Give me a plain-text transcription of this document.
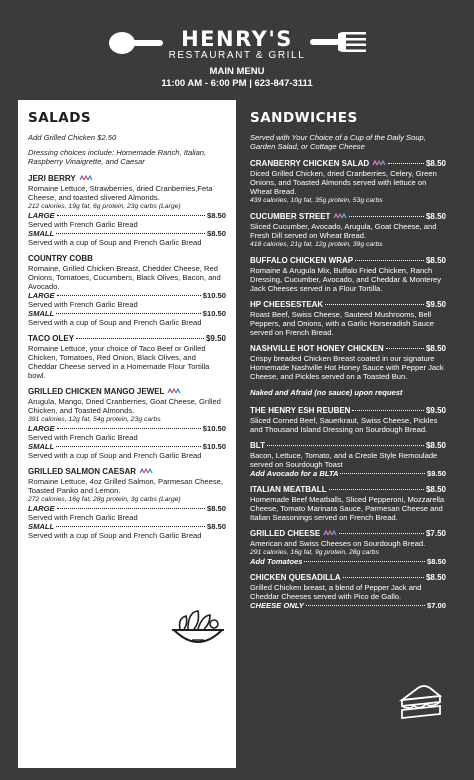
HENRY'S
RESTAURANT & GRILL
MAIN MENU
11:00 AM - 6:00 PM | 623-847-3111
SALADS

Add Grilled Chicken $2.50

Dressing choices include: Homemade Ranch, Italian, Raspberry Vinaigrette, and Caesar

JERI BERRY
Romaine Lettuce, Strawberries, dried Cranberries,Feta Cheese, and toasted slivered Almonds.
212 calories, 19g fat, 6g protein, 23g carbs (Large)
LARGE	$8.50
Served with French Garlic Bread
SMALL	$8.50
Served with a cup of Soup and French Garlic Bread
COUNTRY COBB
Romaine, Grilled Chicken Breast, Chedder Cheese, Red Onions, Tomatoes, Cucumbers, Black Olives, Bacon, and Avocado.
LARGE	$10.50
Served with French Garlic Bread
SMALL	$10.50
Served with a cup of Soup and French Garlic Bread
TACO OLEY	$9.50
Romaine Lettuce, your choice of Taco Beef or Grilled Chicken, Tomatoes, Red Onion, Black Olives, and Cheddar Cheese served in a Homemade Flour Tortilla bowl.
GRILLED CHICKEN MANGO JEWEL
Arugula, Mango, Dried Cranberries, Goat Cheese, Grilled Chicken, and Toasted Almonds.
391 calories, 12g fat, 54g protein, 23g carbs
LARGE	$10.50
Served with French Garlic Bread
SMALL	$10.50
Served with a cup of Soup and French Garlic Bread
GRILLED SALMON CAESAR
Romaine Lettuce, 4oz Grilled Salmon, Parmesan Cheese, Toasted Panko and Lemon.
272 calories, 16g fat, 28g protein, 3g carbs (Large)
LARGE	$8.50
Served with French Garlic Bread
SMALL	$8.50
Served with a cup of Soup and French Garlic Bread
SANDWICHES
Served with Your Choice of a Cup of the Daily Soup, Garden Salad, or Cottage Cheese
CRANBERRY CHICKEN SALAD	$8.50
Diced Grilled Chicken, dried Cranberries, Celery, Green Onions, and Toasted Almonds served with lettuce on Wheat Bread.
439 calories, 10g fat, 35g protein, 53g carbs
CUCUMBER STREET	$8.50
Sliced Cucumber, Avocado, Arugula, Goat Cheese, and Fresh Dill served on Wheat Bread.
418 calories, 21g fat, 12g protein, 39g carbs
BUFFALO CHICKEN WRAP	$8.50
Romaine & Arugula Mix, Buffalo Fried Chicken, Ranch Dressing, Cucumber, Avocado, and Cheddar & Monterey Jack Cheeses served in a Flour Tortilla.
HP CHEESESTEAK	$9.50
Roast Beef, Swiss Cheese, Sauteed Mushrooms, Bell Peppers, and Onions, with a Garlic Horseradish Sauce served on French Bread.
NASHVILLE HOT HONEY CHICKEN	$8.50
Crispy breaded Chicken Breast coated in our signature Homemade Nashville Hot Honey Sauce with Pepper Jack Cheese, and Pickles served on a Toasted Bun.
Naked and Afraid (no sauce) upon request
THE HENRY ESH REUBEN	$9.50
Sliced Corned Beef, Sauerkraut, Swiss Cheese, Pickles and Thousand Island Dressing on Sourdough Bread.
BLT	$8.50
Bacon, Lettuce, Tomato, and a Creole Style Remoulade served on Sourdough Toast
Add Avocado for a BLTA	$9.50
ITALIAN MEATBALL	$8.50
Homemade Beef Meatballs, Sliced Pepperoni, Mozzarella Cheese, Tomato Marinara Sauce, Parmesan Cheese and Italian Seasonings served on French Bread.
GRILLED CHEESE	$7.50
American and Swiss Cheeses on Sourdough Bread.
291 calories, 16g fat, 9g protein, 28g carbs
Add Tomatoes	$8.50
CHICKEN QUESADILLA	$8.50
Grilled Chicken breast, a blend of Pepper Jack and Cheddar Cheeses served with Pico de Gallo.
CHEESE ONLY	$7.00
